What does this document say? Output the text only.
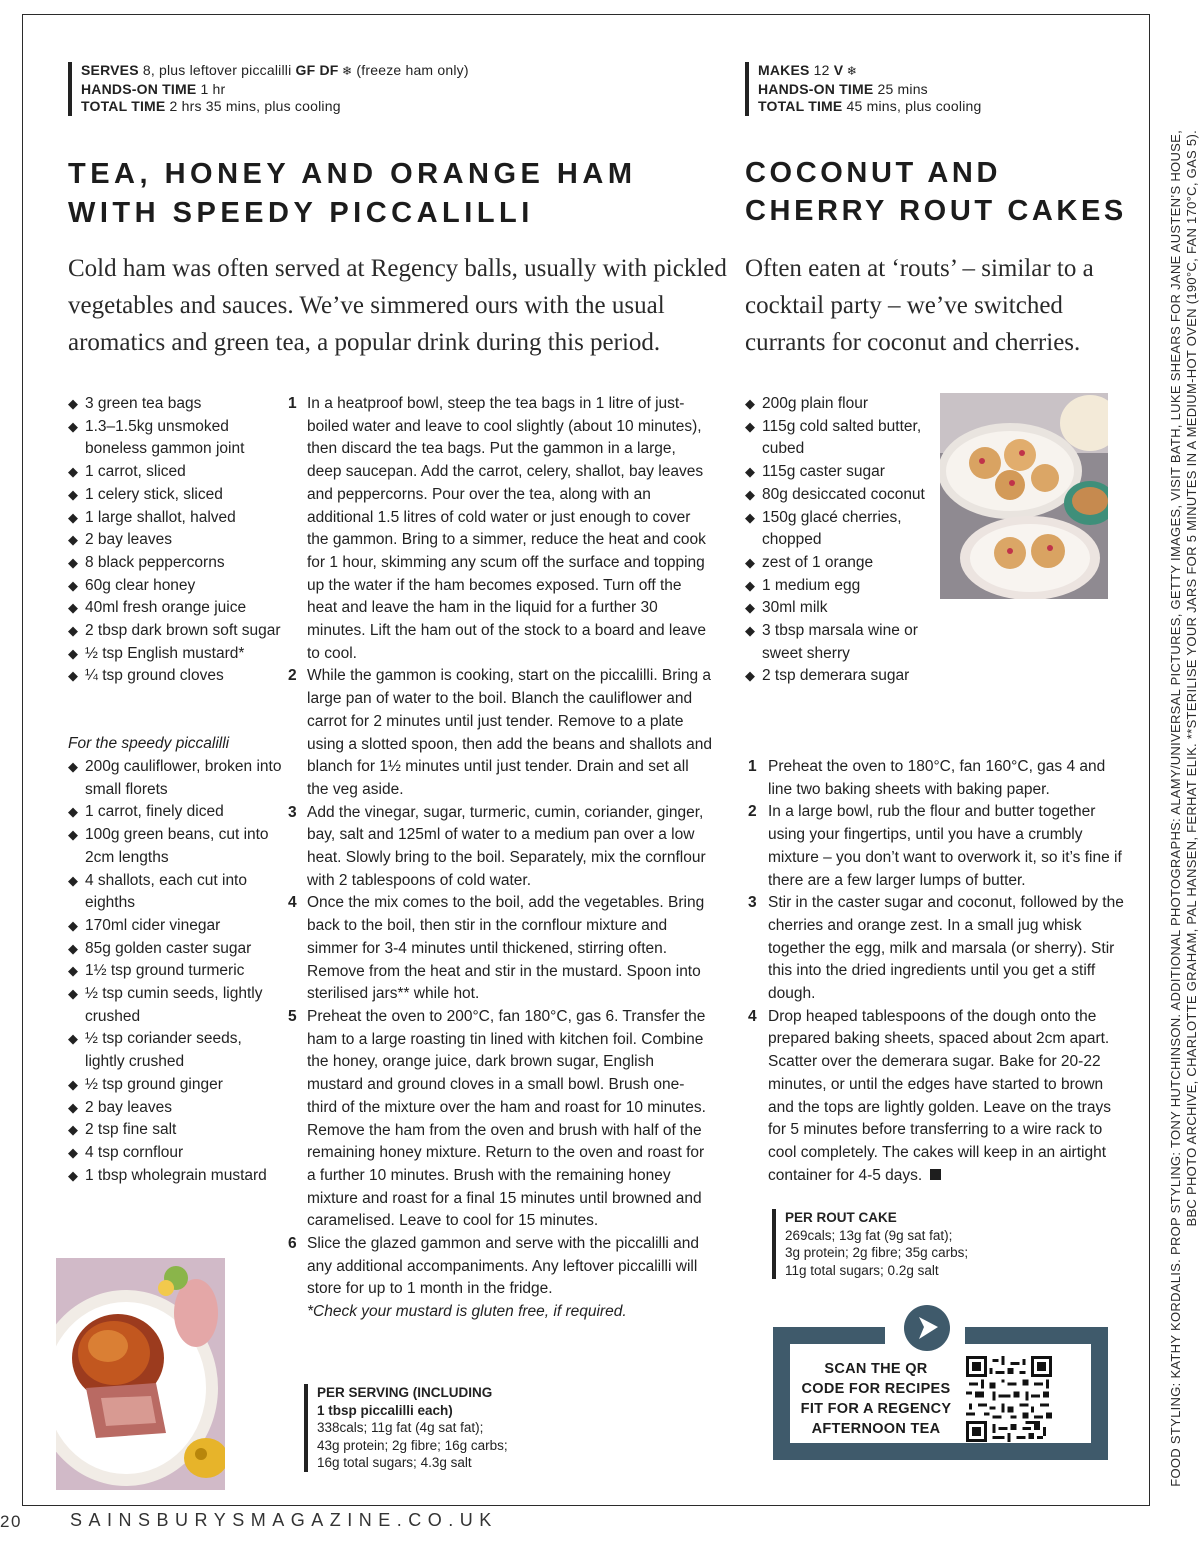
SERVES 8, plus leftover piccalilli GF DF ❄ (freeze ham only)
HANDS-ON TIME 1 hr
TOTAL TIME 2 hrs 35 mins, plus cooling
MAKES 12 V ❄
HANDS-ON TIME 25 mins
TOTAL TIME 45 mins, plus cooling
TEA, HONEY AND ORANGE HAM
WITH SPEEDY PICCALILLI
COCONUT AND
CHERRY ROUT CAKES

Cold ham was often served at Regency balls, usually with pickled vegetables and sauces. We’ve simmered ours with the usual aromatics and green tea, a popular drink during this period.

Often eaten at ‘routs’ – similar to a cocktail party – we’ve switched currants for coconut and cherries.

◆ 3 green tea bags
◆ 1.3–1.5kg unsmoked boneless gammon joint
◆ 1 carrot, sliced
◆ 1 celery stick, sliced
◆ 1 large shallot, halved
◆ 2 bay leaves
◆ 8 black peppercorns
◆ 60g clear honey
◆ 40ml fresh orange juice
◆ 2 tbsp dark brown soft sugar
◆ ½ tsp English mustard*
◆ ¼ tsp ground cloves
For the speedy piccalilli
◆ 200g cauliflower, broken into small florets
◆ 1 carrot, finely diced
◆ 100g green beans, cut into 2cm lengths
◆ 4 shallots, each cut into eighths
◆ 170ml cider vinegar
◆ 85g golden caster sugar
◆ 1½ tsp ground turmeric
◆ ½ tsp cumin seeds, lightly crushed
◆ ½ tsp coriander seeds, lightly crushed
◆ ½ tsp ground ginger
◆ 2 bay leaves
◆ 2 tsp fine salt
◆ 4 tsp cornflour
◆ 1 tbsp wholegrain mustard
1 In a heatproof bowl, steep the tea bags in 1 litre of just-boiled water and leave to cool slightly (about 10 minutes), then discard the tea bags. Put the gammon in a large, deep saucepan. Add the carrot, celery, shallot, bay leaves and peppercorns. Pour over the tea, along with an additional 1.5 litres of cold water or just enough to cover the gammon. Bring to a simmer, reduce the heat and cook for 1 hour, skimming any scum off the surface and topping up the water if the ham becomes exposed. Turn off the heat and leave the ham in the liquid for a further 30 minutes. Lift the ham out of the stock to a board and leave to cool.
2 While the gammon is cooking, start on the piccalilli. Bring a large pan of water to the boil. Blanch the cauliflower and carrot for 2 minutes until just tender. Remove to a plate using a slotted spoon, then add the beans and shallots and blanch for 1½ minutes until just tender. Drain and set all the veg aside.
3 Add the vinegar, sugar, turmeric, cumin, coriander, ginger, bay, salt and 125ml of water to a medium pan over a low heat. Slowly bring to the boil. Separately, mix the cornflour with 2 tablespoons of cold water.
4 Once the mix comes to the boil, add the vegetables. Bring back to the boil, then stir in the cornflour mixture and simmer for 3-4 minutes until thickened, stirring often. Remove from the heat and stir in the mustard. Spoon into sterilised jars** while hot.
5 Preheat the oven to 200°C, fan 180°C, gas 6. Transfer the ham to a large roasting tin lined with kitchen foil. Combine the honey, orange juice, dark brown sugar, English mustard and ground cloves in a small bowl. Brush one-third of the mixture over the ham and roast for 10 minutes. Remove the ham from the oven and brush with half of the remaining honey mixture. Return to the oven and roast for a further 10 minutes. Brush with the remaining honey mixture and roast for a final 15 minutes until browned and caramelised. Leave to cool for 15 minutes.
6 Slice the glazed gammon and serve with the piccalilli and any additional accompaniments. Any leftover piccalilli will store for up to 1 month in the fridge.
*Check your mustard is gluten free, if required.
PER SERVING (INCLUDING
1 tbsp piccalilli each)
338cals; 11g fat (4g sat fat);
43g protein; 2g fibre; 16g carbs;
16g total sugars; 4.3g salt
◆ 200g plain flour
◆ 115g cold salted butter, cubed
◆ 115g caster sugar
◆ 80g desiccated coconut
◆ 150g glacé cherries, chopped
◆ zest of 1 orange
◆ 1 medium egg
◆ 30ml milk
◆ 3 tbsp marsala wine or sweet sherry
◆ 2 tsp demerara sugar
1 Preheat the oven to 180°C, fan 160°C, gas 4 and line two baking sheets with baking paper.
2 In a large bowl, rub the flour and butter together using your fingertips, until you have a crumbly mixture – you don’t want to overwork it, so it’s fine if there are a few larger lumps of butter.
3 Stir in the caster sugar and coconut, followed by the cherries and orange zest. In a small jug whisk together the egg, milk and marsala (or sherry). Stir this into the dried ingredients until you get a stiff dough.
4 Drop heaped tablespoons of the dough onto the prepared baking sheets, spaced about 2cm apart. Scatter over the demerara sugar. Bake for 20-22 minutes, or until the edges have started to brown and the tops are lightly golden. Leave on the trays for 5 minutes before transferring to a wire rack to cool completely. The cakes will keep in an airtight container for 4-5 days.
PER ROUT CAKE
269cals; 13g fat (9g sat fat);
3g protein; 2g fibre; 35g carbs;
11g total sugars; 0.2g salt
SCAN THE QR
CODE FOR RECIPES
FIT FOR A REGENCY
AFTERNOON TEA	FOOD STYLING: KATHY KORDALIS. PROP STYLING: TONY HUTCHINSON. ADDITIONAL PHOTOGRAPHS: ALAMY/UNIVERSAL PICTURES, GETTY IMAGES, VISIT BATH, LUKE SHEARS FOR JANE AUSTEN’S HOUSE, BBC PHOTO ARCHIVE, CHARLOTTE GRAHAM, PAL HANSEN, FERHAT ELIK. **STERILISE YOUR JARS FOR 5 MINUTES IN A MEDIUM-HOT OVEN (190°C, FAN 170°C, GAS 5).
20	SAINSBURYSMAGAZINE.CO.UK
